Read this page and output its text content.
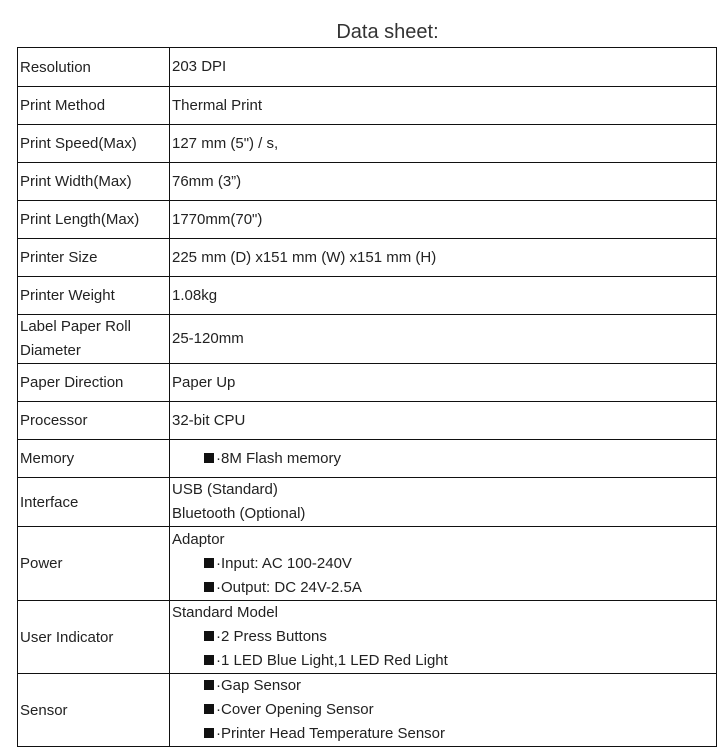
Data sheet:
Resolution	203 DPI

Print Method	Thermal Print

Print Speed(Max)	127 mm (5") / s,

Print Width(Max)	76mm (3”)

Print Length(Max)	1770mm(70")

Printer Size	225 mm (D) x151 mm (W) x151 mm (H)

Printer Weight	1.08kg

Label Paper Roll Diameter	25-120mm

Paper Direction	Paper Up

Processor	32-bit CPU

Memory	·8M Flash memory

Interface	USB (Standard)
Bluetooth (Optional)

Power	Adaptor
·Input: AC 100-240V
·Output: DC 24V-2.5A

User Indicator	Standard Model
·2 Press Buttons
·1 LED Blue Light,1 LED Red Light

Sensor	·Gap Sensor
·Cover Opening Sensor
·Printer Head Temperature Sensor
